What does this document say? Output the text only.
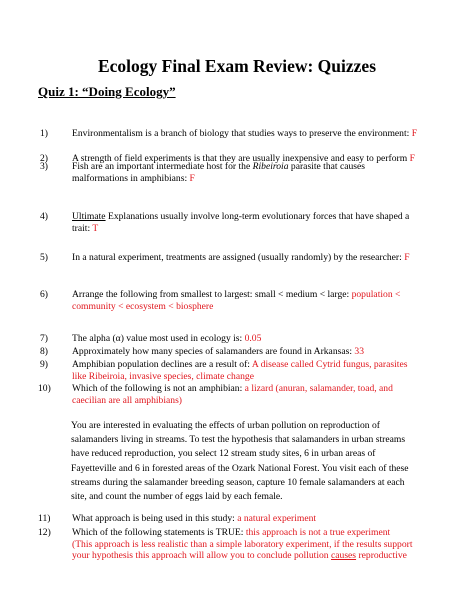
Ecology Final Exam Review: Quizzes
Quiz 1: “Doing Ecology”
1)	Environmentalism is a branch of biology that studies ways to preserve the environment: F
2)	A strength of field experiments is that they are usually inexpensive and easy to perform F
3)
4)	Ultimate Explanations usually involve long-term evolutionary forces that have shaped a
trait: T
5)	In a natural experiment, treatments are assigned (usually randomly) by the researcher: F
6)	Arrange the following from smallest to largest: small < medium < large: population <
community < ecosystem < biosphere
7)	The alpha (α) value most used in ecology is: 0.05
8)	Approximately how many species of salamanders are found in Arkansas: 33
9)	Amphibian population declines are a result of: A disease called Cytrid fungus, parasites
like Ribeiroia, invasive species, climate change
10) Which of the following is not an amphibian: a lizard (anuran, salamander, toad, and
caecilian are all amphibians)
You are interested in evaluating the effects of urban pollution on reproduction of
salamanders living in streams. To test the hypothesis that salamanders in urban streams
have reduced reproduction, you select 12 stream study sites, 6 in urban areas of
Fayetteville and 6 in forested areas of the Ozark National Forest. You visit each of these
streams during the salamander breeding season, capture 10 female salamanders at each
site, and count the number of eggs laid by each female.
11) What approach is being used in this study: a natural experiment
12) Which of the following statements is TRUE: this approach is not a true experiment
(This approach is less realistic than a simple laboratory experiment, if the results support
your hypothesis this approach will allow you to conclude pollution causes reproductive
Fish are an important intermediate host for the Ribeiroia parasite that causes
malformations in amphibians: F
